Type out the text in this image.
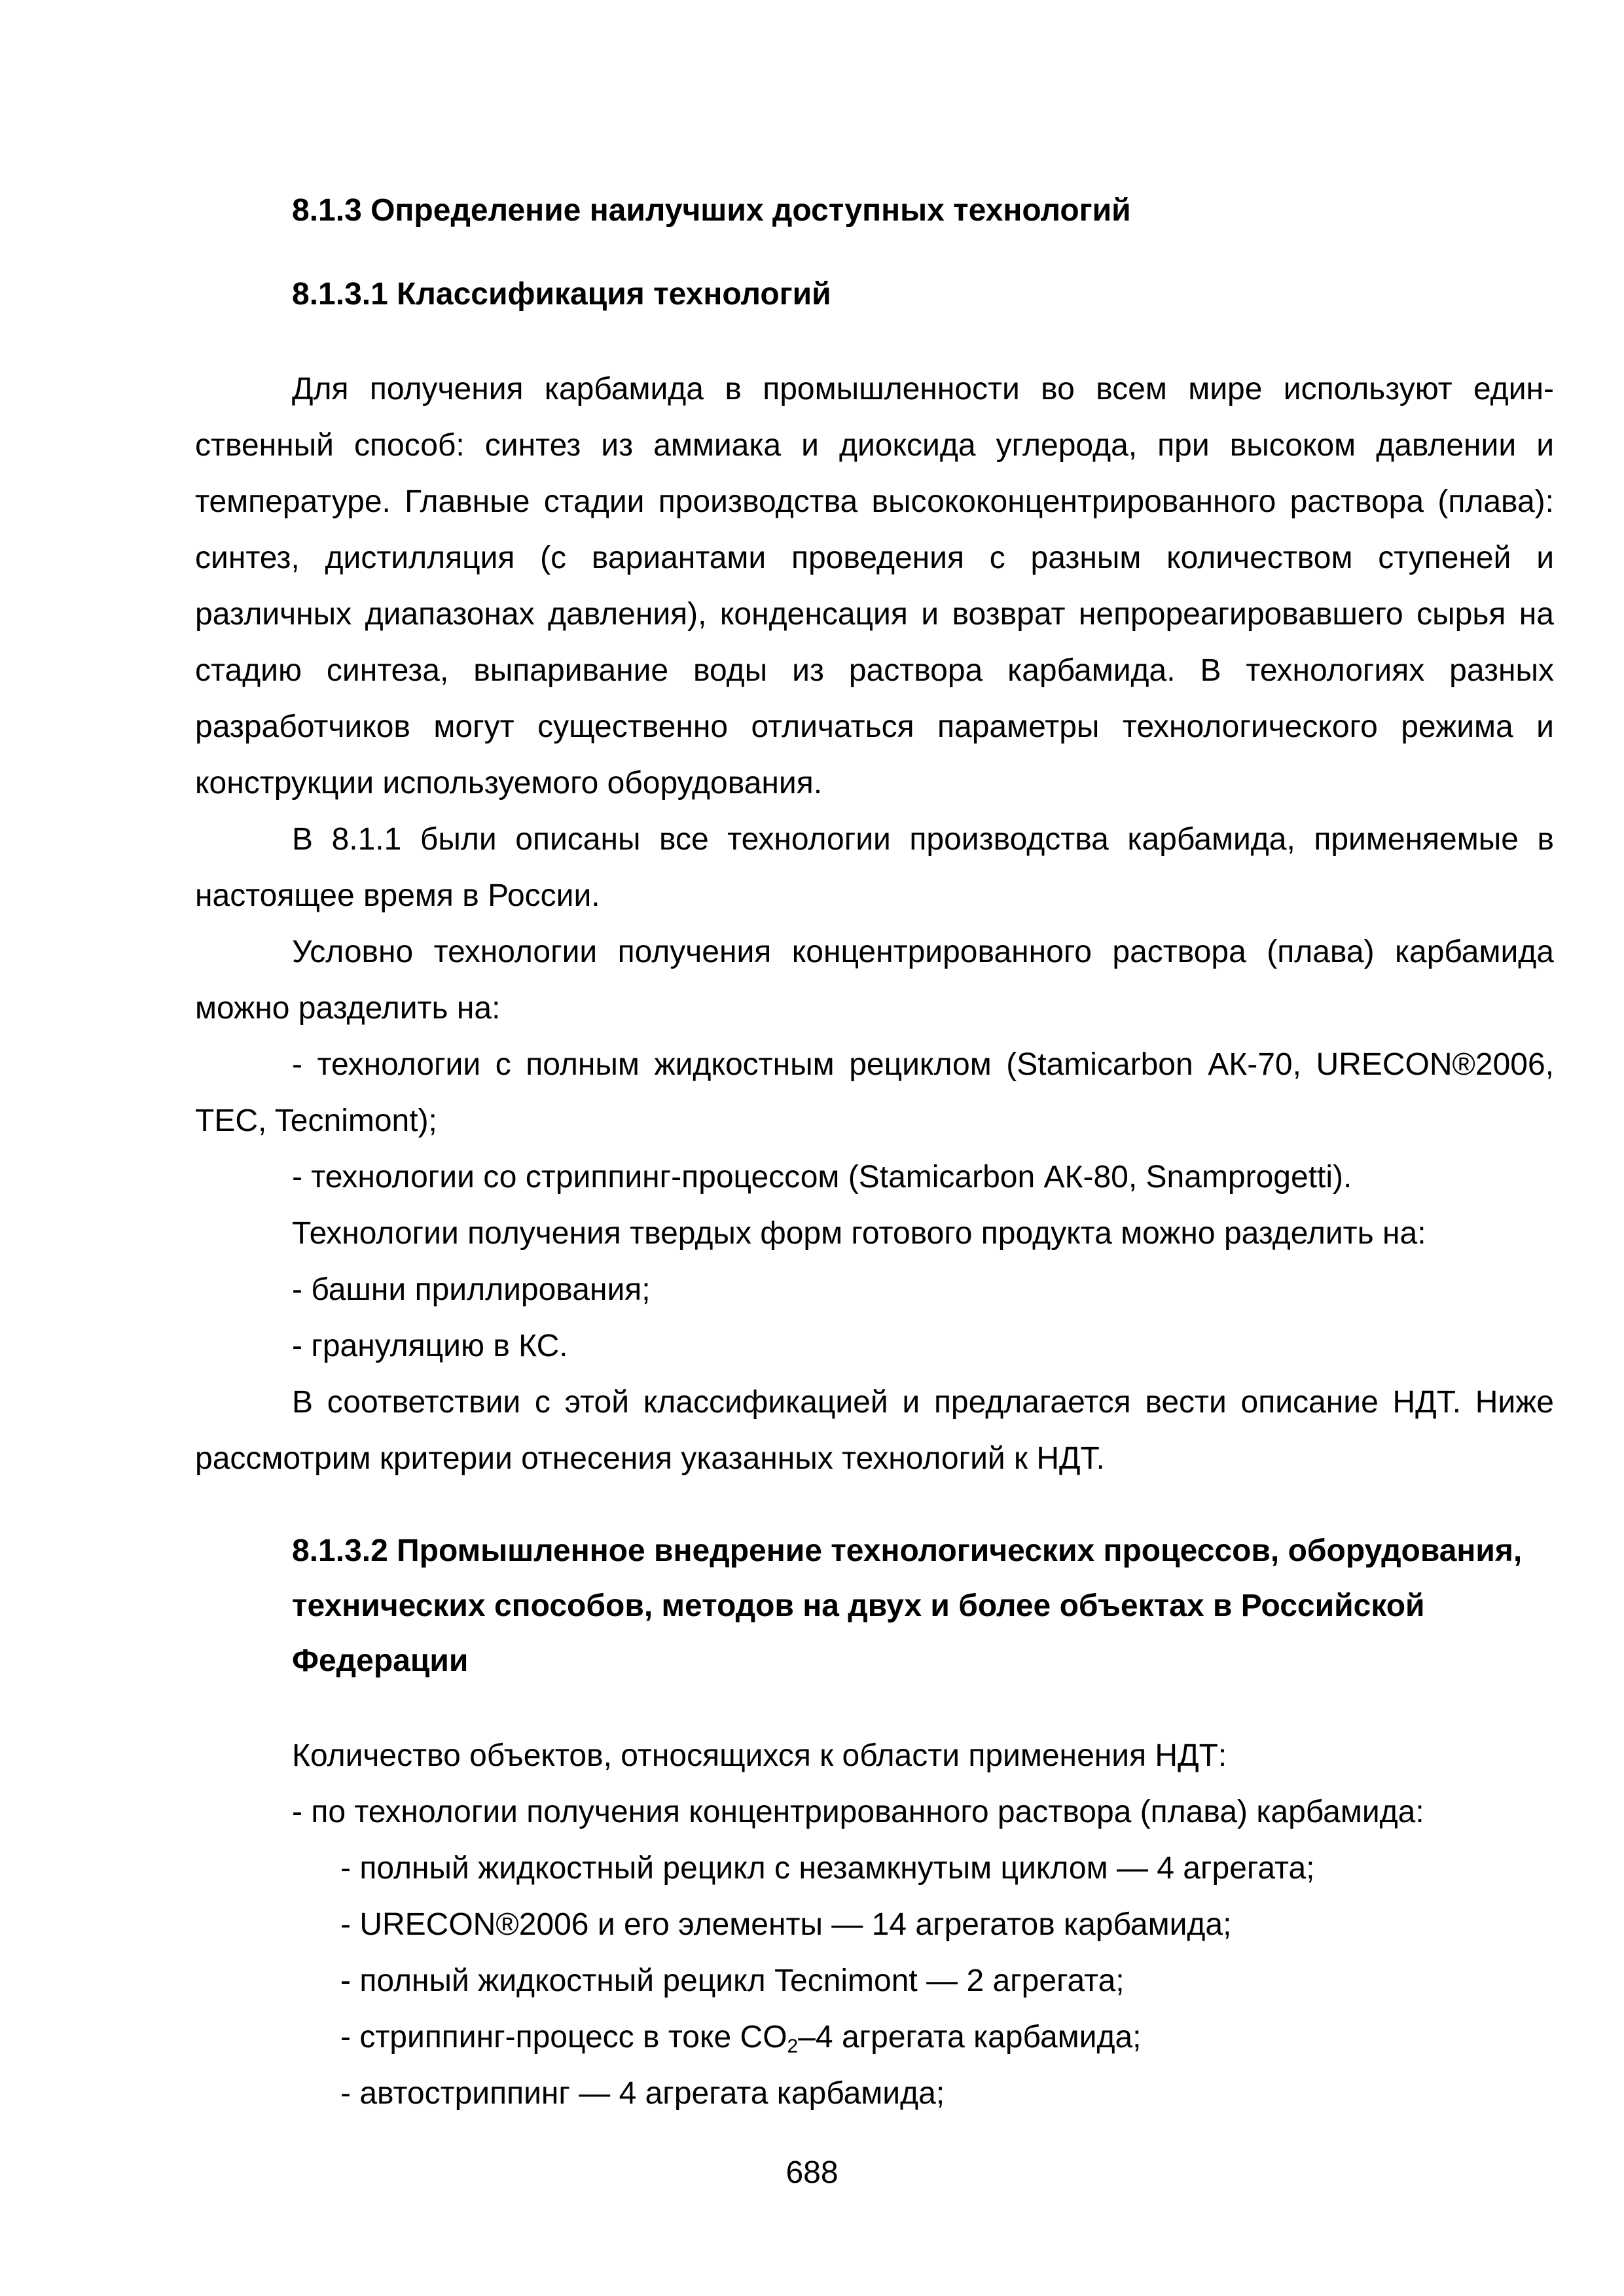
8.1.3 Определение наилучших доступных технологий
8.1.3.1 Классификация технологий

Для получения карбамида в промышленности во всем мире используют единственный способ: синтез из аммиака и диоксида углерода, при высоком давлении и температуре. Главные стадии производства высококонцентрированного раствора (плава): синтез, дистилляция (с вариантами проведения с разным количеством ступеней и различных диапазонах давления), конденсация и возврат непрореагировавшего сырья на стадию синтеза, выпаривание воды из раствора карбамида. В технологиях разных разработчиков могут существенно отличаться параметры технологического режима и конструкции используемого оборудования.

В 8.1.1 были описаны все технологии производства карбамида, применяемые в настоящее время в России.

Условно технологии получения концентрированного раствора (плава) карбамида можно разделить на:

- технологии с полным жидкостным рециклом (Stamicarbon АК-70, URECON®2006, TEC, Tecnimont);

- технологии со стриппинг-процессом (Stamicarbon АК-80, Snamprogetti).

Технологии получения твердых форм готового продукта можно разделить на:

- башни приллирования;

- грануляцию в КС.

В соответствии с этой классификацией и предлагается вести описание НДТ. Ниже рассмотрим критерии отнесения указанных технологий к НДТ.

8.1.3.2 Промышленное внедрение технологических процессов, оборудования, технических способов, методов на двух и более объектах в Российской Федерации

Количество объектов, относящихся к области применения НДТ:

- по технологии получения концентрированного раствора (плава) карбамида:

- полный жидкостный рецикл с незамкнутым циклом — 4 агрегата;

- URECON®2006 и его элементы — 14 агрегатов карбамида;

- полный жидкостный рецикл Tecnimont — 2 агрегата;

- стриппинг-процесс в токе $CO_2-4$ агрегата карбамида;

- автостриппинг — 4 агрегата карбамида;

688
